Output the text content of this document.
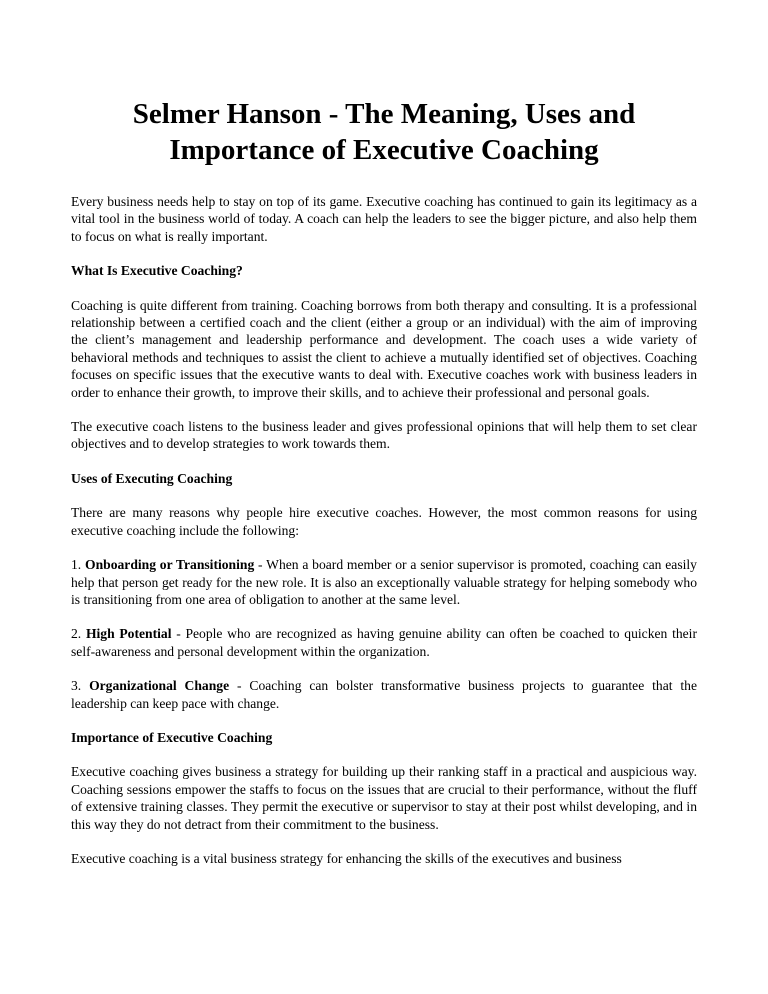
Selmer Hanson - The Meaning, Uses and
Importance of Executive Coaching

Every business needs help to stay on top of its game. Executive coaching has continued to gain its legitimacy as a vital tool in the business world of today. A coach can help the leaders to see the bigger picture, and also help them to focus on what is really important.

What Is Executive Coaching?

Coaching is quite different from training. Coaching borrows from both therapy and consulting. It is a professional relationship between a certified coach and the client (either a group or an individual) with the aim of improving the client’s management and leadership performance and development. The coach uses a wide variety of behavioral methods and techniques to assist the client to achieve a mutually identified set of objectives. Coaching focuses on specific issues that the executive wants to deal with. Executive coaches work with business leaders in order to enhance their growth, to improve their skills, and to achieve their professional and personal goals.

The executive coach listens to the business leader and gives professional opinions that will help them to set clear objectives and to develop strategies to work towards them.

Uses of Executing Coaching

There are many reasons why people hire executive coaches. However, the most common reasons for using executive coaching include the following:

1. Onboarding or Transitioning - When a board member or a senior supervisor is promoted, coaching can easily help that person get ready for the new role. It is also an exceptionally valuable strategy for helping somebody who is transitioning from one area of obligation to another at the same level.

2. High Potential - People who are recognized as having genuine ability can often be coached to quicken their self-awareness and personal development within the organization.

3. Organizational Change - Coaching can bolster transformative business projects to guarantee that the leadership can keep pace with change.

Importance of Executive Coaching

Executive coaching gives business a strategy for building up their ranking staff in a practical and auspicious way. Coaching sessions empower the staffs to focus on the issues that are crucial to their performance, without the fluff of extensive training classes. They permit the executive or supervisor to stay at their post whilst developing, and in this way they do not detract from their commitment to the business.

Executive coaching is a vital business strategy for enhancing the skills of the executives and business
